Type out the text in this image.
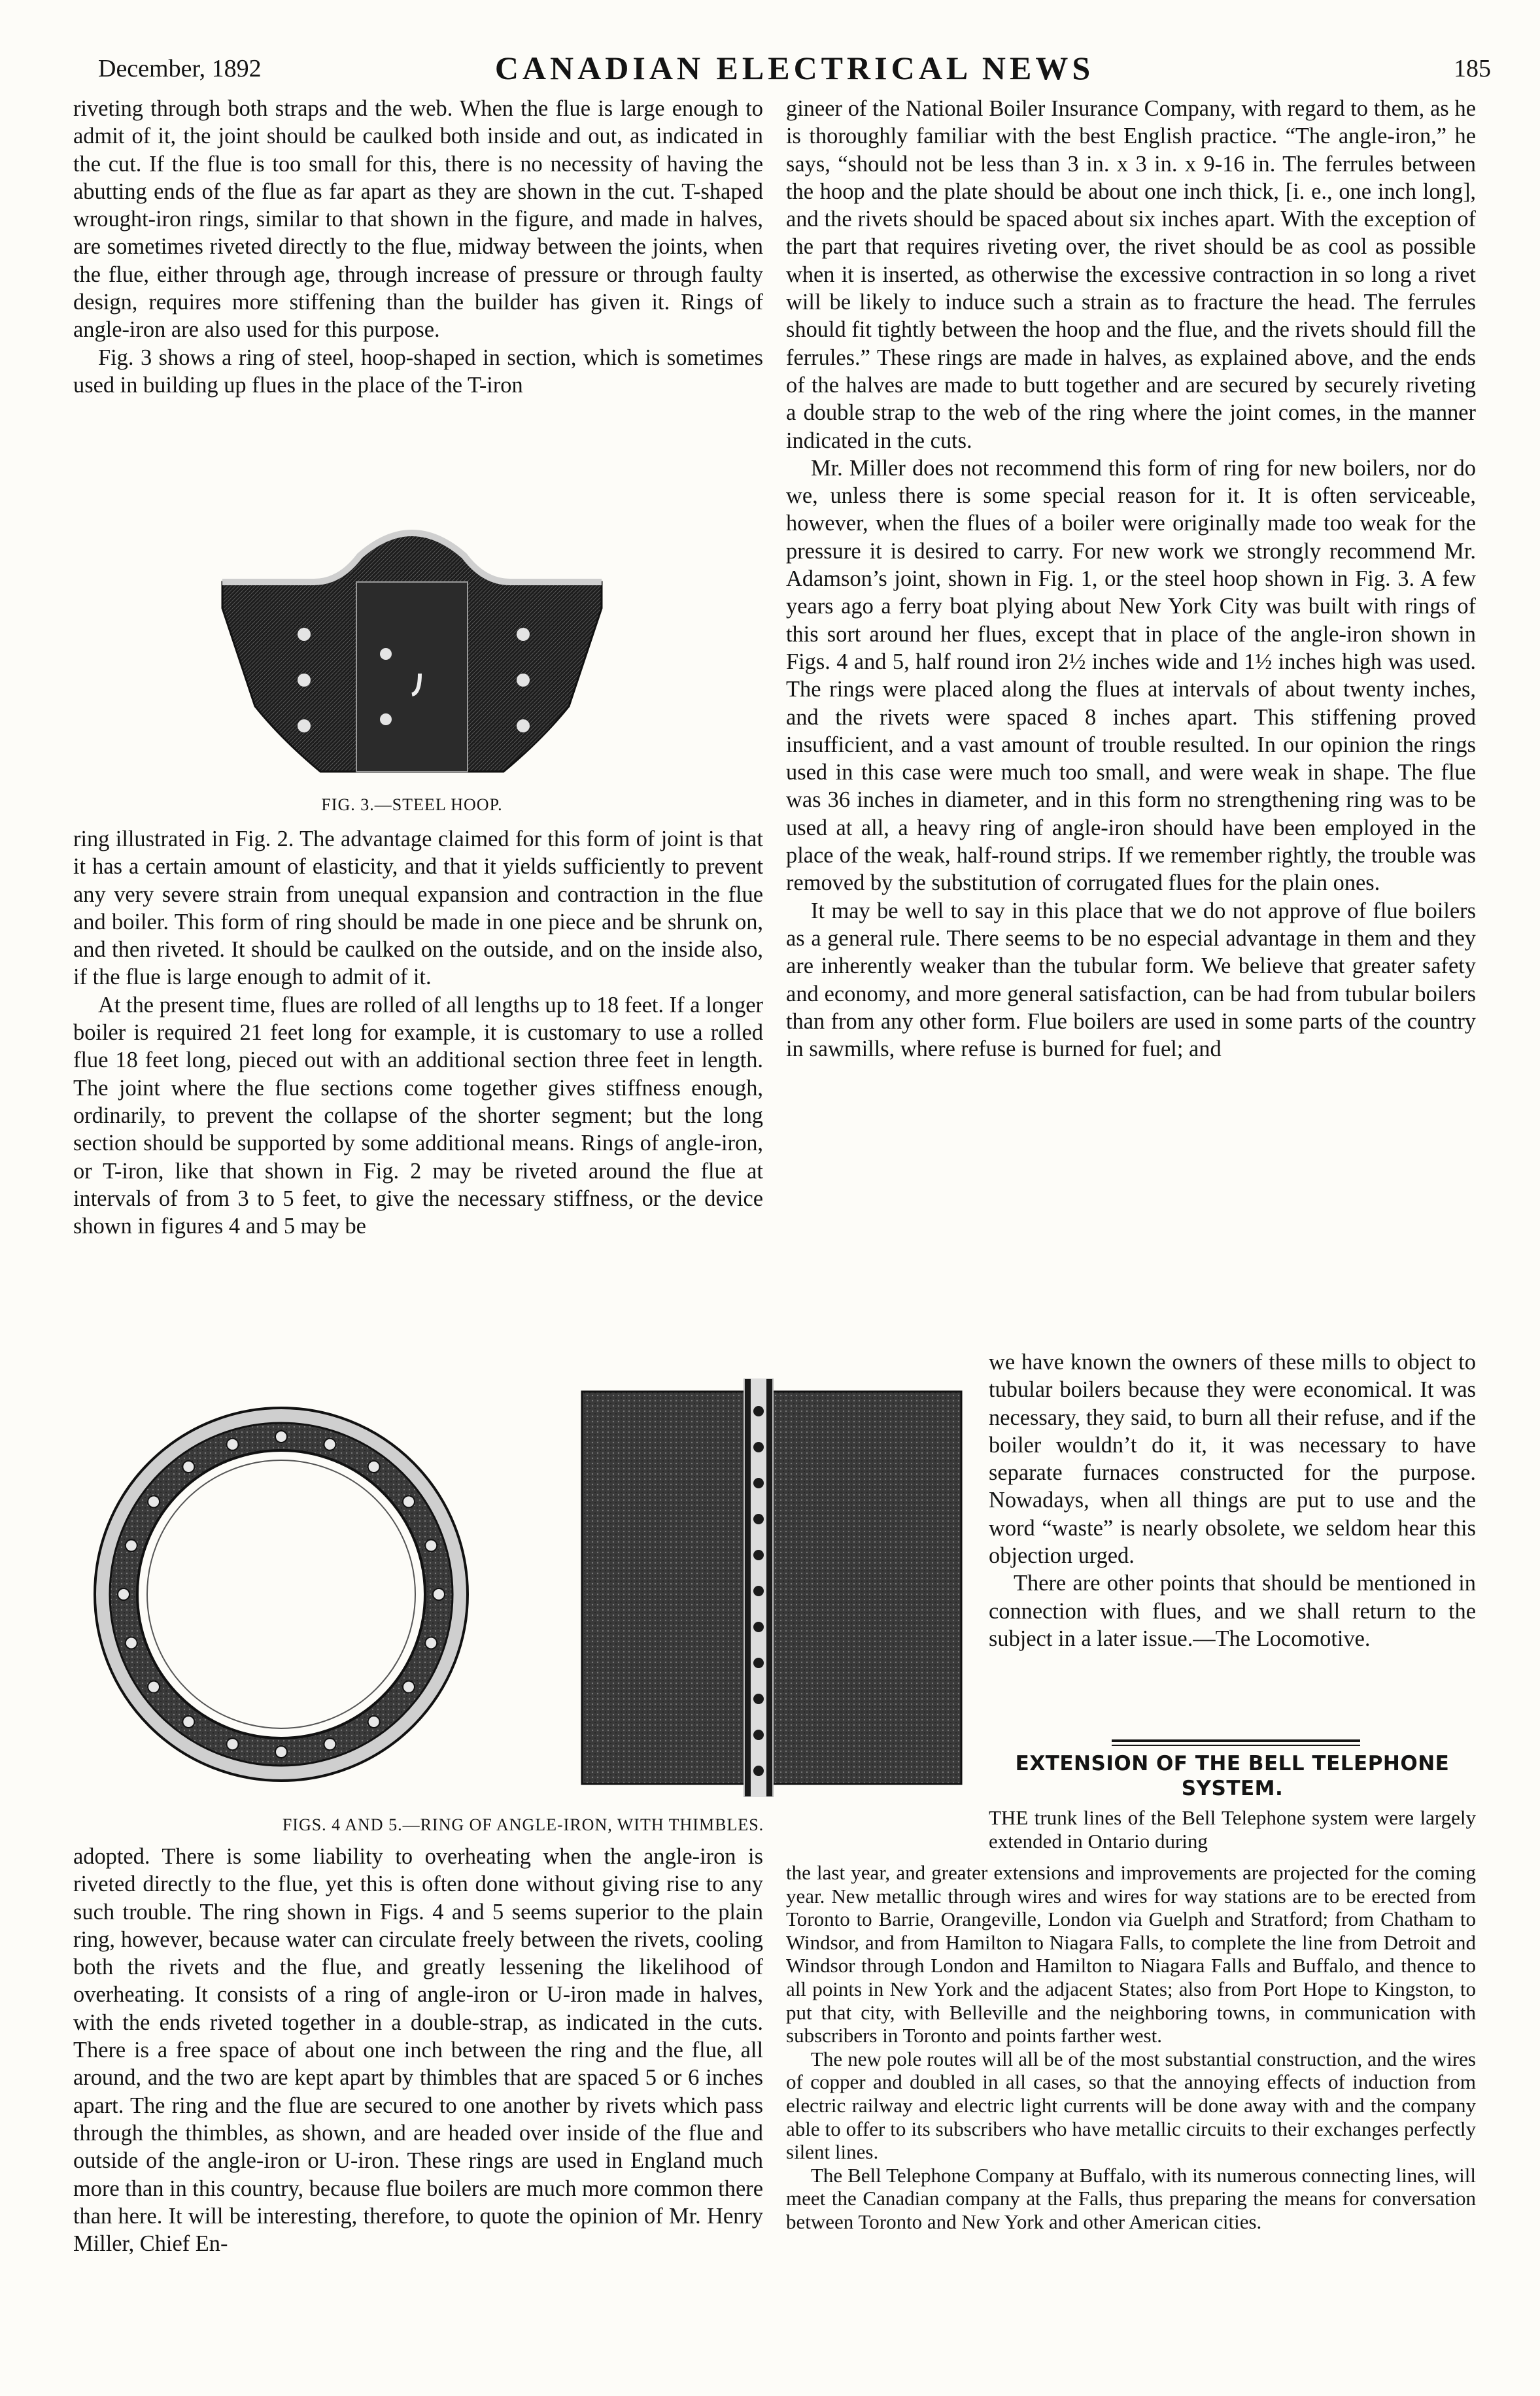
December, 1892	CANADIAN ELECTRICAL NEWS	185

riveting through both straps and the web. When the flue is large enough to admit of it, the joint should be caulked both inside and out, as indicated in the cut. If the flue is too small for this, there is no necessity of having the abutting ends of the flue as far apart as they are shown in the cut. T-shaped wrought-iron rings, similar to that shown in the figure, and made in halves, are sometimes riveted directly to the flue, midway between the joints, when the flue, either through age, through increase of pressure or through faulty design, requires more stiffening than the builder has given it. Rings of angle-iron are also used for this purpose.

Fig. 3 shows a ring of steel, hoop-shaped in section, which is sometimes used in building up flues in the place of the T-iron

FIG. 3.—STEEL HOOP.

ring illustrated in Fig. 2. The advantage claimed for this form of joint is that it has a certain amount of elasticity, and that it yields sufficiently to prevent any very severe strain from unequal expansion and contraction in the flue and boiler. This form of ring should be made in one piece and be shrunk on, and then riveted. It should be caulked on the outside, and on the inside also, if the flue is large enough to admit of it.

At the present time, flues are rolled of all lengths up to 18 feet. If a longer boiler is required 21 feet long for example, it is customary to use a rolled flue 18 feet long, pieced out with an additional section three feet in length. The joint where the flue sections come together gives stiffness enough, ordinarily, to prevent the collapse of the shorter segment; but the long section should be supported by some additional means. Rings of angle-iron, or T-iron, like that shown in Fig. 2 may be riveted around the flue at intervals of from 3 to 5 feet, to give the necessary stiffness, or the device shown in figures 4 and 5 may be

FIGS. 4 AND 5.—RING OF ANGLE-IRON, WITH THIMBLES.

adopted. There is some liability to overheating when the angle-iron is riveted directly to the flue, yet this is often done without giving rise to any such trouble. The ring shown in Figs. 4 and 5 seems superior to the plain ring, however, because water can circulate freely between the rivets, cooling both the rivets and the flue, and greatly lessening the likelihood of overheating. It consists of a ring of angle-iron or U-iron made in halves, with the ends riveted together in a double-strap, as indicated in the cuts. There is a free space of about one inch between the ring and the flue, all around, and the two are kept apart by thimbles that are spaced 5 or 6 inches apart. The ring and the flue are secured to one another by rivets which pass through the thimbles, as shown, and are headed over inside of the flue and outside of the angle-iron or U-iron. These rings are used in England much more than in this country, because flue boilers are much more common there than here. It will be interesting, therefore, to quote the opinion of Mr. Henry Miller, Chief En-

gineer of the National Boiler Insurance Company, with regard to them, as he is thoroughly familiar with the best English practice. “The angle-iron,” he says, “should not be less than 3 in. x 3 in. x 9-16 in. The ferrules between the hoop and the plate should be about one inch thick, [i. e., one inch long], and the rivets should be spaced about six inches apart. With the exception of the part that requires riveting over, the rivet should be as cool as possible when it is inserted, as otherwise the excessive contraction in so long a rivet will be likely to induce such a strain as to fracture the head. The ferrules should fit tightly between the hoop and the flue, and the rivets should fill the ferrules.” These rings are made in halves, as explained above, and the ends of the halves are made to butt together and are secured by securely riveting a double strap to the web of the ring where the joint comes, in the manner indicated in the cuts.

Mr. Miller does not recommend this form of ring for new boilers, nor do we, unless there is some special reason for it. It is often serviceable, however, when the flues of a boiler were originally made too weak for the pressure it is desired to carry. For new work we strongly recommend Mr. Adamson’s joint, shown in Fig. 1, or the steel hoop shown in Fig. 3. A few years ago a ferry boat plying about New York City was built with rings of this sort around her flues, except that in place of the angle-iron shown in Figs. 4 and 5, half round iron 2½ inches wide and 1½ inches high was used. The rings were placed along the flues at intervals of about twenty inches, and the rivets were spaced 8 inches apart. This stiffening proved insufficient, and a vast amount of trouble resulted. In our opinion the rings used in this case were much too small, and were weak in shape. The flue was 36 inches in diameter, and in this form no strengthening ring was to be used at all, a heavy ring of angle-iron should have been employed in the place of the weak, half-round strips. If we remember rightly, the trouble was removed by the substitution of corrugated flues for the plain ones.

It may be well to say in this place that we do not approve of flue boilers as a general rule. There seems to be no especial advantage in them and they are inherently weaker than the tubular form. We believe that greater safety and economy, and more general satisfaction, can be had from tubular boilers than from any other form. Flue boilers are used in some parts of the country in sawmills, where refuse is burned for fuel; and

we have known the owners of these mills to object to tubular boilers because they were economical. It was necessary, they said, to burn all their refuse, and if the boiler wouldn’t do it, it was necessary to have separate furnaces constructed for the purpose. Nowadays, when all things are put to use and the word “waste” is nearly obsolete, we seldom hear this objection urged.

There are other points that should be mentioned in connection with flues, and we shall return to the subject in a later issue.—The Locomotive.

EXTENSION OF THE BELL TELEPHONE SYSTEM.

THE trunk lines of the Bell Telephone system were largely extended in Ontario during

the last year, and greater extensions and improvements are projected for the coming year. New metallic through wires and wires for way stations are to be erected from Toronto to Barrie, Orangeville, London via Guelph and Stratford; from Chatham to Windsor, and from Hamilton to Niagara Falls, to complete the line from Detroit and Windsor through London and Hamilton to Niagara Falls and Buffalo, and thence to all points in New York and the adjacent States; also from Port Hope to Kingston, to put that city, with Belleville and the neighboring towns, in communication with subscribers in Toronto and points farther west.

The new pole routes will all be of the most substantial construction, and the wires of copper and doubled in all cases, so that the annoying effects of induction from electric railway and electric light currents will be done away with and the company able to offer to its subscribers who have metallic circuits to their exchanges perfectly silent lines.

The Bell Telephone Company at Buffalo, with its numerous connecting lines, will meet the Canadian company at the Falls, thus preparing the means for conversation between Toronto and New York and other American cities.
